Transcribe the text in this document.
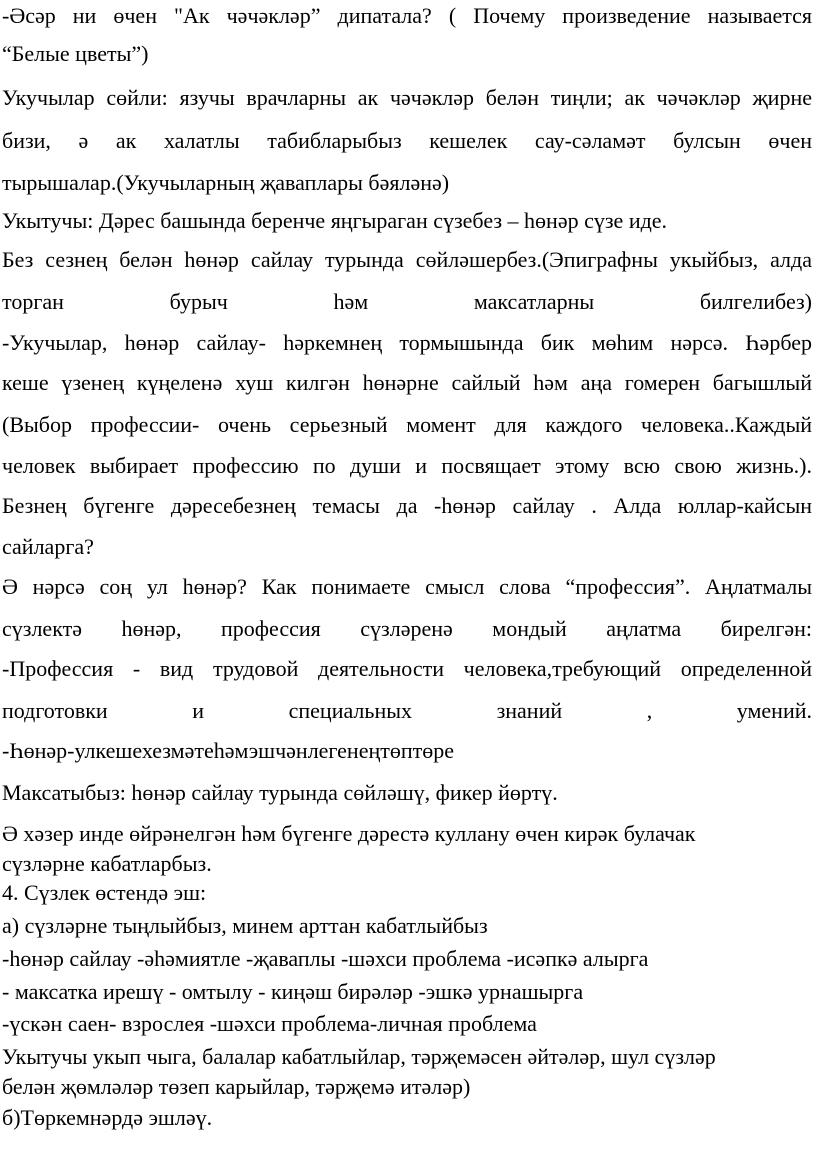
-Әсәр ни өчен "Ак чәчәкләр” дипатала? ( Почему произведение называется
“Белые цветы”)
Укучылар сөйли: язучы врачларны ак чәчәкләр белән тиңли; ак чәчәкләр җирне
бизи, ә ак халатлы табибларыбыз кешелек сау-сәламәт булсын өчен
тырышалар.(Укучыларның җаваплары бәяләнә)
Укытучы: Дәрес башында беренче яңгыраган сүзебез – һөнәр сүзе иде.
Без сезнең белән һөнәр сайлау турында сөйләшербез.(Эпиграфны укыйбыз, алда
торган бурыч һәм максатларны билгелибез)
-Укучылар, һөнәр сайлау- һәркемнең тормышында бик мөһим нәрсә. Һәрбер
кеше үзенең күңеленә хуш килгән һөнәрне сайлый һәм аңа гомерен багышлый
(Выбор профессии- очень серьезный момент для каждого человека..Каждый
человек выбирает профессию по души и посвящает этому всю свою жизнь.).
Безнең бүгенге дәресебезнең темасы да -һөнәр сайлау . Алда юллар-кайсын
сайларга?
Ә нәрсә соң ул һөнәр? Как понимаете смысл слова “профессия”. Аңлатмалы
сүзлектә һөнәр, профессия сүзләренә мондый аңлатма бирелгән:
-Профессия - вид трудовой деятельности человека,требующий определенной
подготовки и специальных знаний , умений.
-Һөнәр-улкешехезмәтеһәмэшчәнлегенеңтөптөре
Максатыбыз: һөнәр сайлау турында сөйләшү, фикер йөртү.
Ә хәзер инде өйрәнелгән һәм бүгенге дәрестә куллану өчен кирәк булачак
сүзләрне кабатларбыз.
4. Сүзлек өстендә эш:
а) сүзләрне тыңлыйбыз, минем арттан кабатлыйбыз
-һөнәр сайлау -әһәмиятле -җаваплы -шәхси проблема -исәпкә алырга
- максатка ирешү - омтылу - киңәш бирәләр -эшкә урнашырга
-үскән саен- взрослея -шәхси проблема-личная проблема
Укытучы укып чыга, балалар кабатлыйлар, тәрҗемәсен әйтәләр, шул сүзләр
белән җөмләләр төзеп карыйлар, тәрҗемә итәләр)
б)Төркемнәрдә эшләү.
